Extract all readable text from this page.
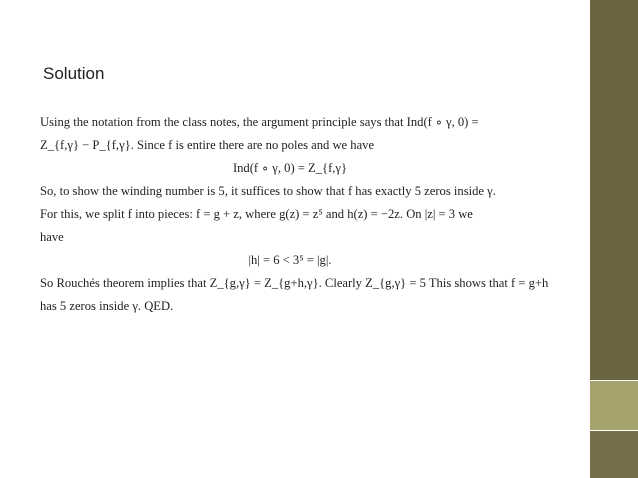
Solution

Using the notation from the class notes, the argument principle says that Ind(f ∘ γ, 0) =

Z_{f,γ} − P_{f,γ}. Since f is entire there are no poles and we have

Ind(f ∘ γ, 0) = Z_{f,γ}

So, to show the winding number is 5, it suffices to show that f has exactly 5 zeros inside γ.

For this, we split f into pieces: f = g + z, where g(z) = z⁵ and h(z) = −2z. On |z| = 3 we

have

|h| = 6 < 3⁵ = |g|.

So Rouchés theorem implies that Z_{g,γ} = Z_{g+h,γ}. Clearly Z_{g,γ} = 5 This shows that f = g+h

has 5 zeros inside γ. QED.
